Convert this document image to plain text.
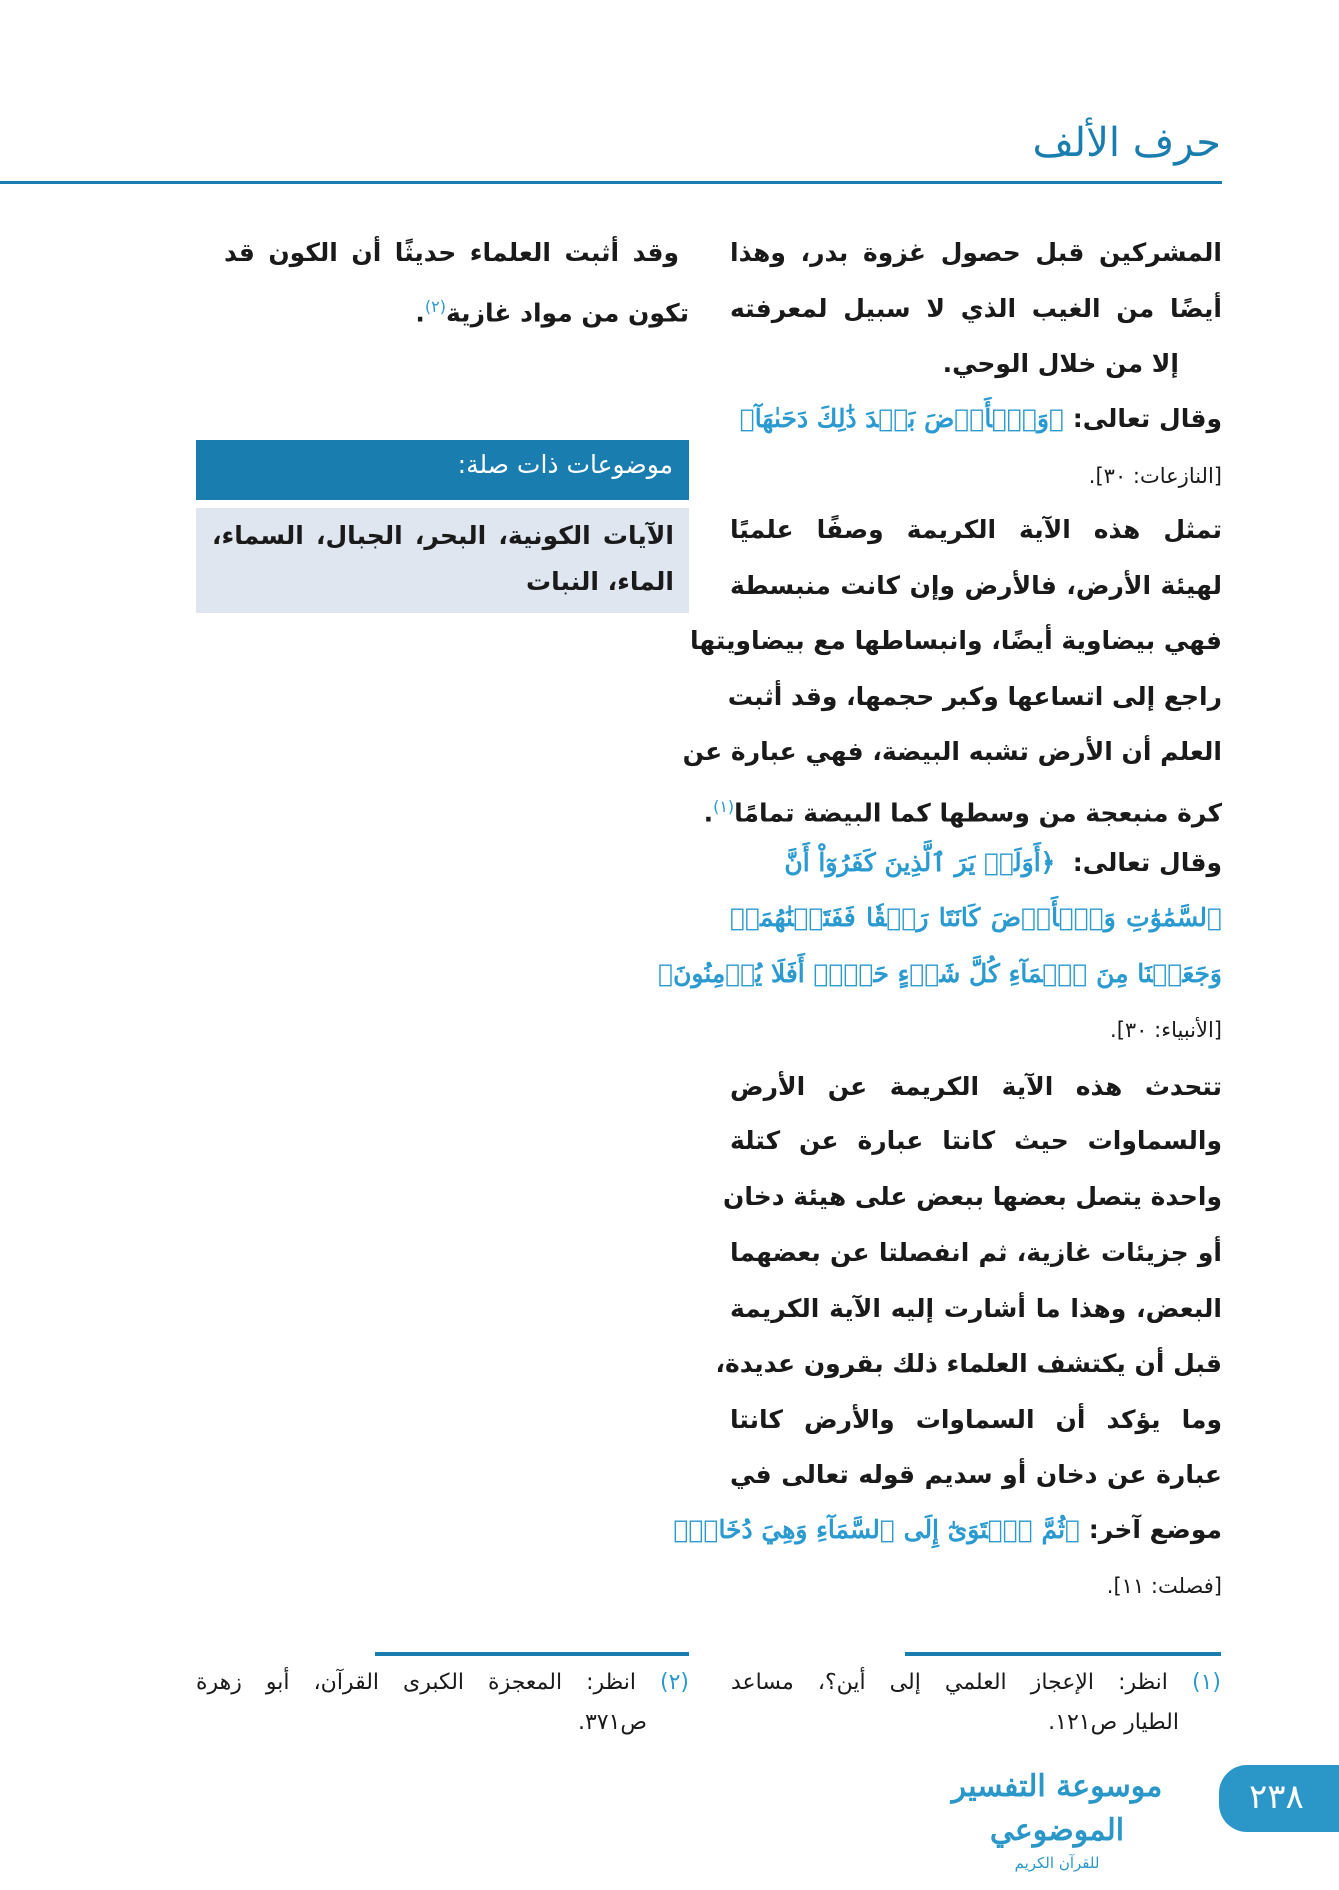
حرف الألف
المشركين قبل حصول غزوة بدر، وهذا
أيضًا من الغيب الذي لا سبيل لمعرفته
إلا من خلال الوحي.
وقال تعالى: ﴿وَٱلۡأَرۡضَ بَعۡدَ ذَٰلِكَ دَحَىٰهَآ﴾
[النازعات: ٣٠].
تمثل هذه الآية الكريمة وصفًا علميًا
لهيئة الأرض، فالأرض وإن كانت منبسطة
فهي بيضاوية أيضًا، وانبساطها مع بيضاويتها
راجع إلى اتساعها وكبر حجمها، وقد أثبت
العلم أن الأرض تشبه البيضة، فهي عبارة عن
كرة منبعجة من وسطها كما البيضة تمامًا$^{(١)}$.
وقال تعالى:  ﴿أَوَلَمۡ يَرَ ٱلَّذِينَ كَفَرُوٓاْ أَنَّ
ٱلسَّمَٰوَٰتِ وَٱلۡأَرۡضَ كَانَتَا رَتۡقٗا فَفَتَقۡنَٰهُمَاۖ
وَجَعَلۡنَا مِنَ ٱلۡمَآءِ كُلَّ شَيۡءٍ حَيٍّۚ أَفَلَا يُؤۡمِنُونَ﴾
[الأنبياء: ٣٠].
تتحدث هذه الآية الكريمة عن الأرض
والسماوات حيث كانتا عبارة عن كتلة
واحدة يتصل بعضها ببعض على هيئة دخان
أو جزيئات غازية، ثم انفصلتا عن بعضهما
البعض، وهذا ما أشارت إليه الآية الكريمة
قبل أن يكتشف العلماء ذلك بقرون عديدة،
وما يؤكد أن السماوات والأرض كانتا
عبارة عن دخان أو سديم قوله تعالى في
موضع آخر: ﴿ثُمَّ ٱسۡتَوَىٰٓ إِلَى ٱلسَّمَآءِ وَهِيَ دُخَانٞ﴾
[فصلت: ١١].
وقد أثبت العلماء حديثًا أن الكون قد
تكون من مواد غازية$^{(٢)}$.
موضوعات ذات صلة:
الآيات الكونية، البحر، الجبال، السماء،
الماء، النبات
(١) انظر: الإعجاز العلمي إلى أين؟، مساعد
الطيار ص١٢١.
(٢) انظر: المعجزة الكبرى القرآن، أبو زهرة
ص٣٧١.
موسوعة التفسير الموضوعي
للقرآن الكريم
٢٣٨
